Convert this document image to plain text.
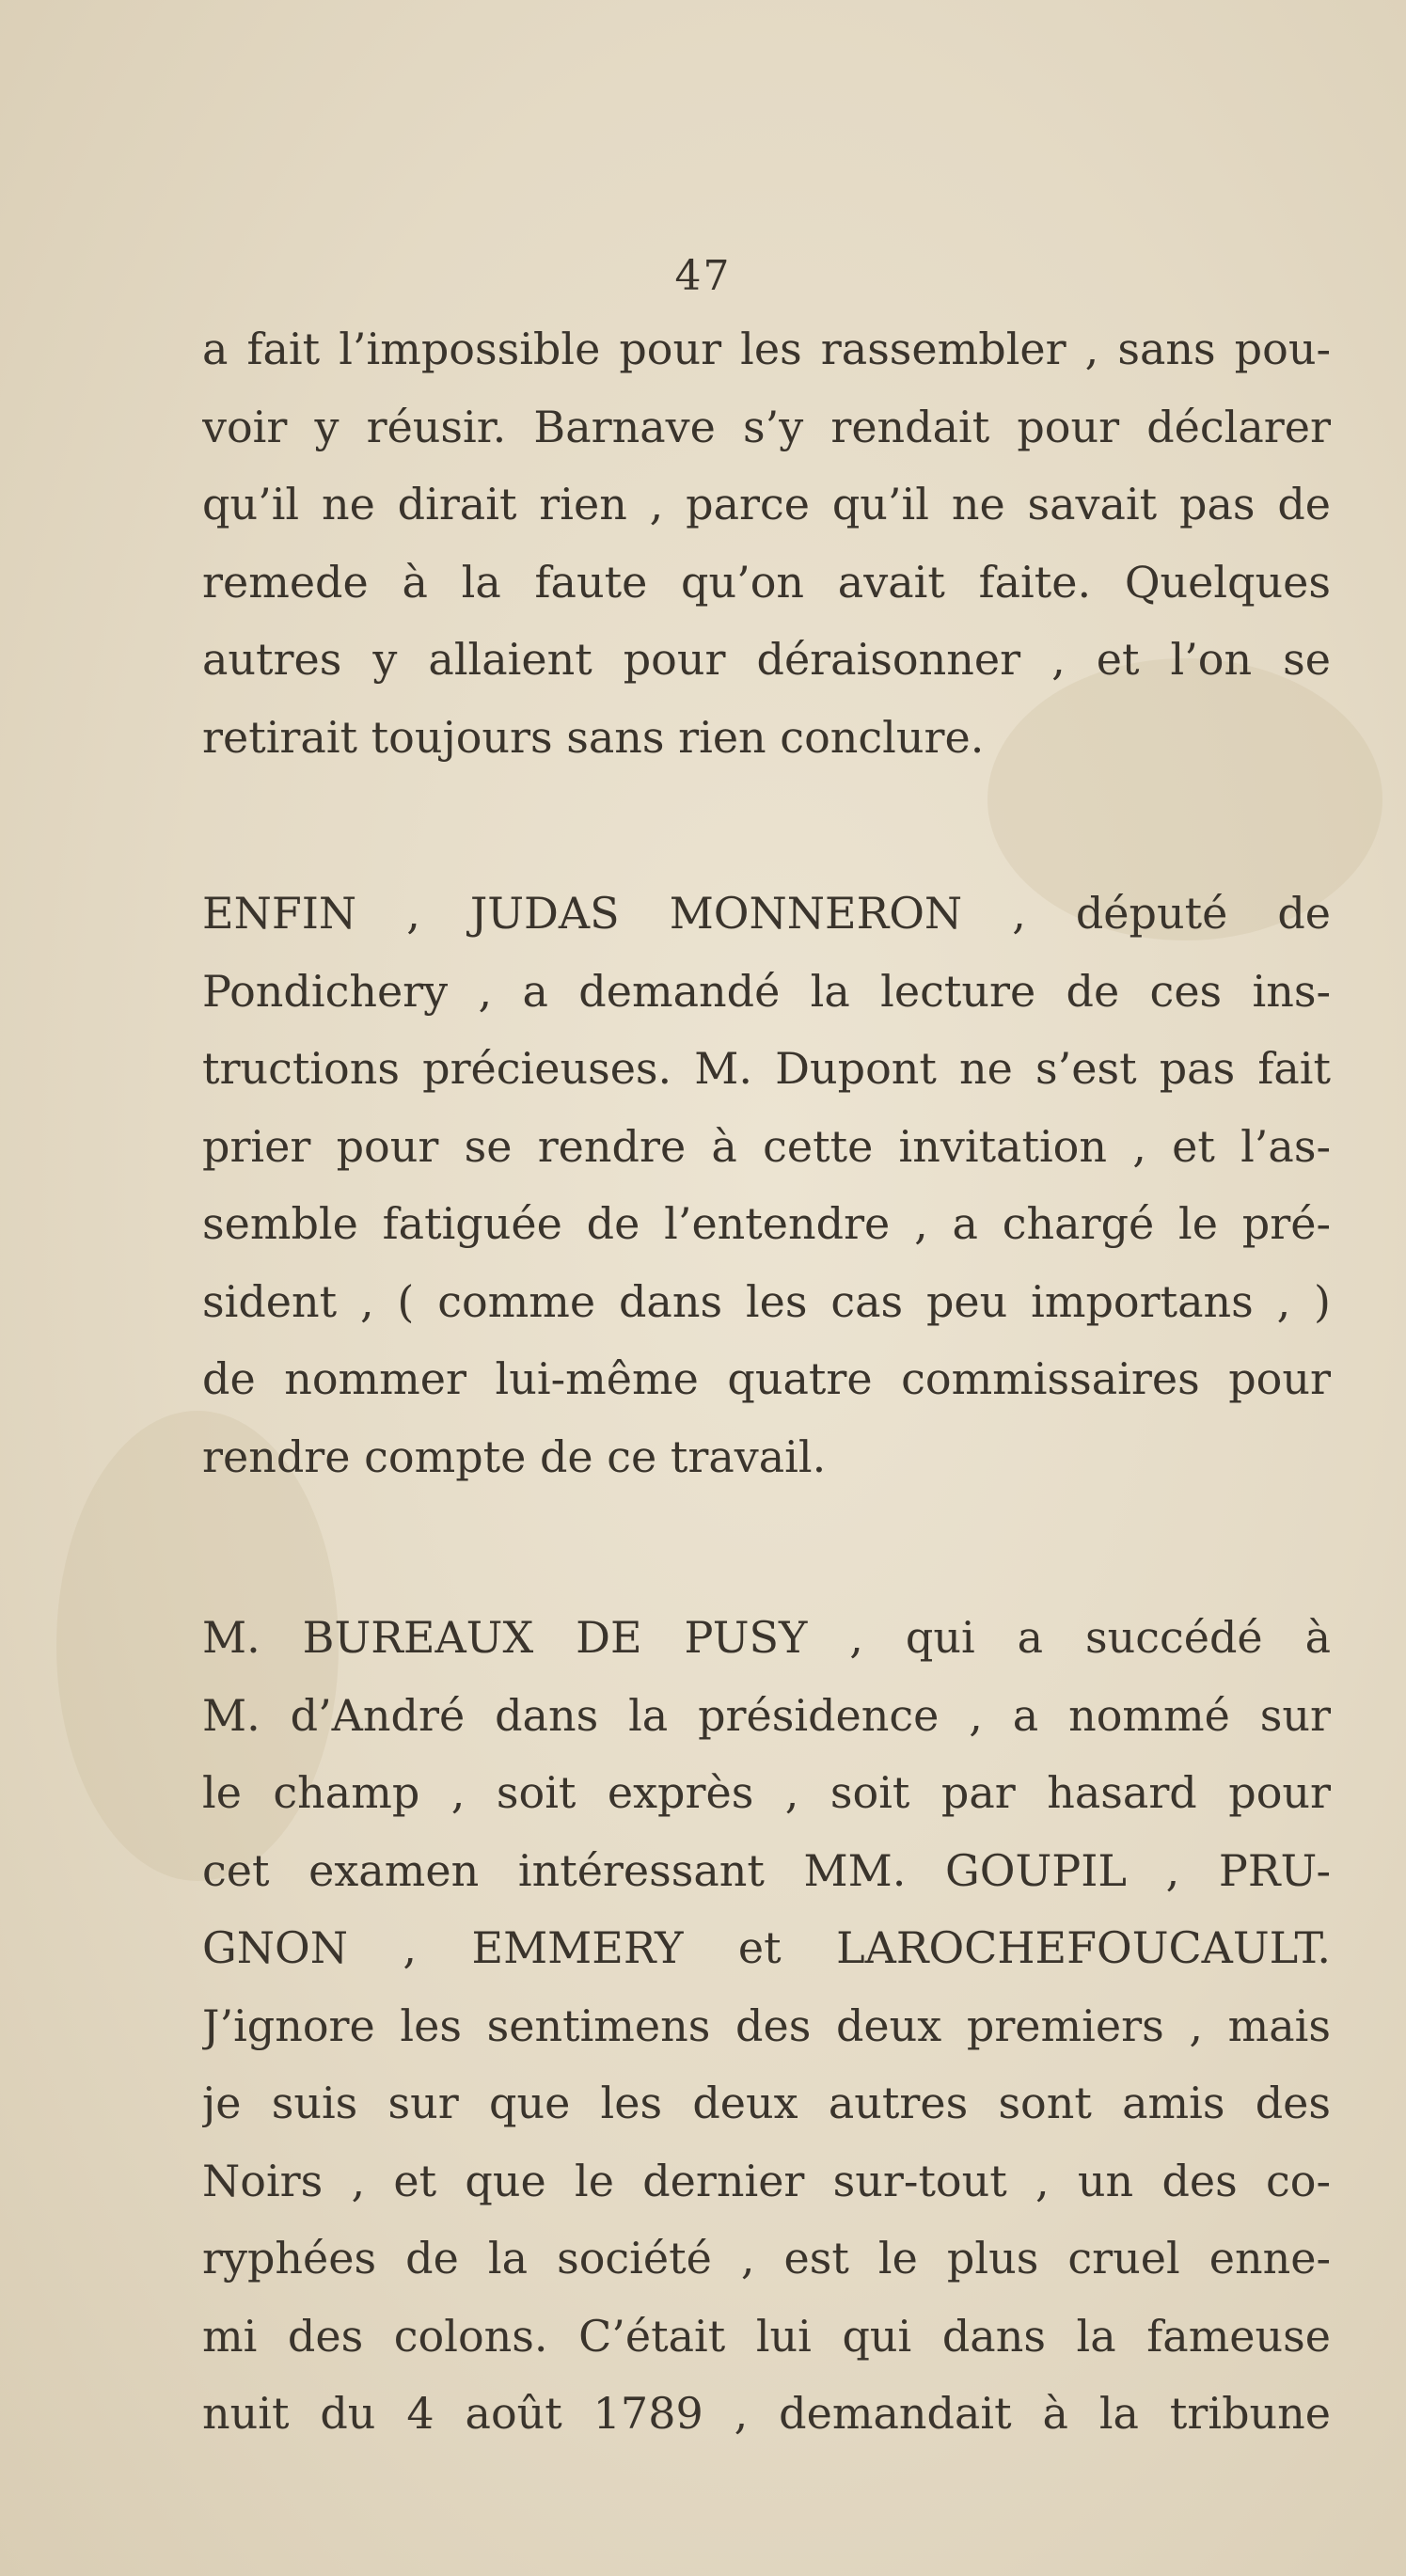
47
a fait l’impossible pour les rassembler , sans pou-
voir y réusir. Barnave s’y rendait pour déclarer
qu’il ne dirait rien , parce qu’il ne savait pas de
remede à la faute qu’on avait faite. Quelques
autres y allaient pour déraisonner , et l’on se
retirait toujours sans rien conclure.
ENFIN , JUDAS MONNERON , député de
Pondichery , a demandé la lecture de ces ins-
tructions précieuses. M. Dupont ne s’est pas fait
prier pour se rendre à cette invitation , et l’as-
semble fatiguée de l’entendre , a chargé le pré-
sident , ( comme dans les cas peu importans , )
de nommer lui-même quatre commissaires pour
rendre compte de ce travail.
M. BUREAUX DE PUSY , qui a succédé à
M. d’André dans la présidence , a nommé sur
le champ , soit exprès , soit par hasard pour
cet examen intéressant MM. GOUPIL , PRU-
GNON , EMMERY et LAROCHEFOUCAULT.
J’ignore les sentimens des deux premiers , mais
je suis sur que les deux autres sont amis des
Noirs , et que le dernier sur-tout , un des co-
ryphées de la société , est le plus cruel enne-
mi des colons. C’était lui qui dans la fameuse
nuit du 4 août 1789 , demandait à la tribune
